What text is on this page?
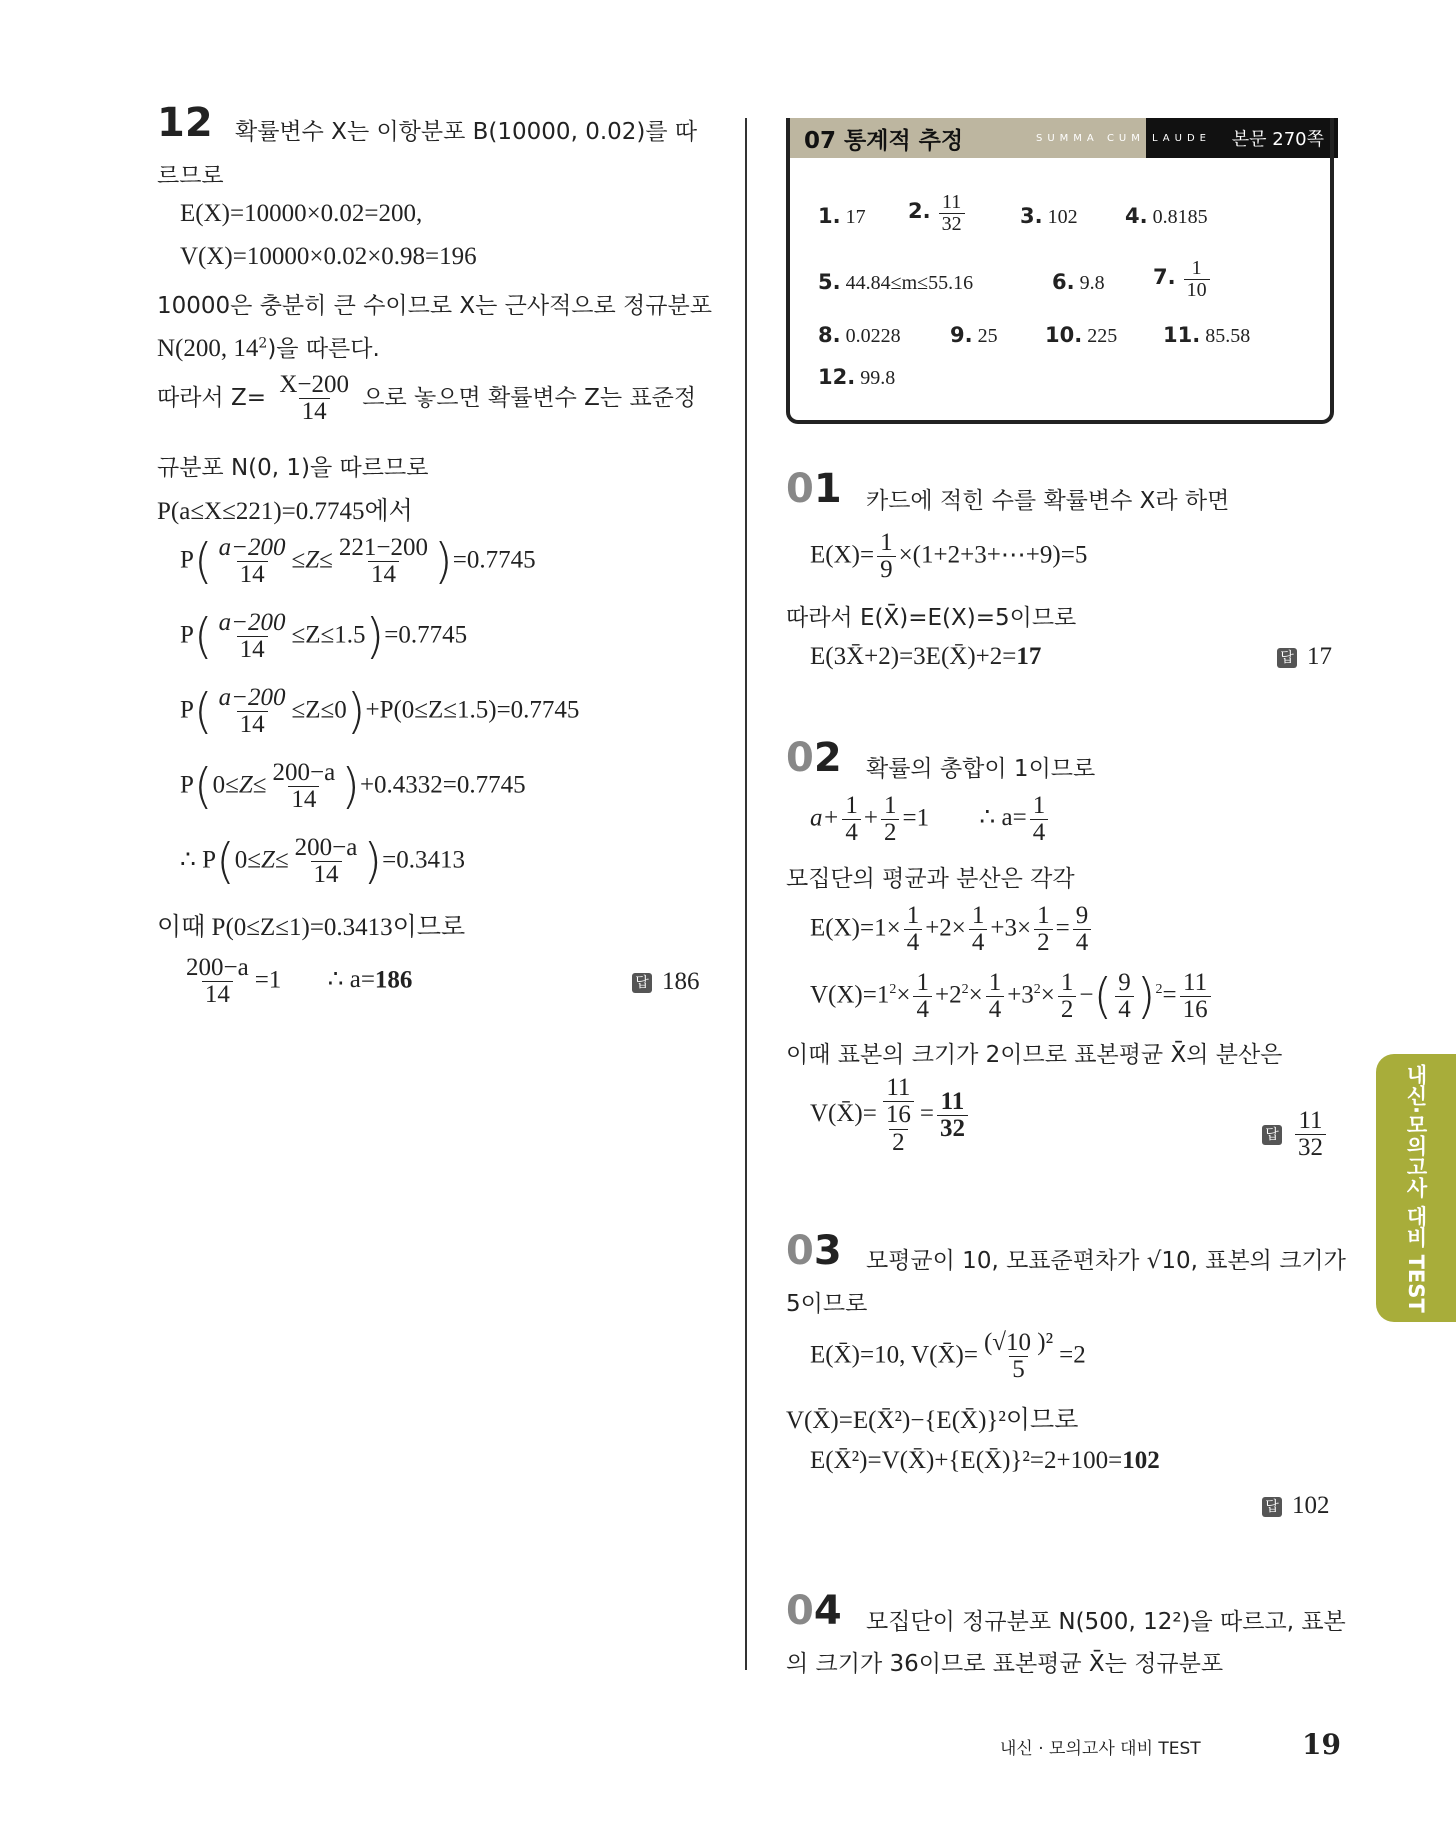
12 확률변수 X는 이항분포 B(10000, 0.02)를 따
르므로
E(X)=10000×0.02=200,
V(X)=10000×0.02×0.98=196
10000은 충분히 큰 수이므로 X는 근사적으로 정규분포
N(200, $14^2$)을 따른다.
따라서 $Z= \frac{X-200}{14}$ 으로 놓으면 확률변수 Z는 표준정
규분포 N(0, 1)을 따르므로
P(a≤X≤221)=0.7745에서
$P( \frac{a-200}{14} \le Z\le \frac{221-200}{14} )=0.7745$
$P( \frac{a-200}{14} \le Z\le 1.5)=0.7745$
$P( \frac{a-200}{14} \le Z\le 0)+P(0\le Z\le 1.5)=0.7745$
$P(0\le Z\le \frac{200-a}{14} )+0.4332=0.7745$
∴ $P(0\le Z\le \frac{200-a}{14} )=0.3413$
이때 P(0≤Z≤1)=0.3413이므로
$\frac{200-a}{14} =1$ ∴ a=186	답 186
07 통계적 추정	SUMMA CUM LAUDE 본문 270쪽
1. 17 2. $\frac{11}{32}$	3. 102 4. 0.8185
5. 44.84≤m≤55.16	6. 9.8 7. $\frac{1}{10}$
8. 0.0228 9. 25 10. 225 11. 85.58
12. 99.8
01 카드에 적힌 수를 확률변수 X라 하면
$E(X)= \frac{1}{9}$ ×(1+2+3+⋯+9)=5
따라서 E(X̄)=E(X)=5이므로
E(3X̄+2)=3E(X̄)+2=17	답 17
02 확률의 총합이 1이므로
$a+ \frac{1}{4} + \frac{1}{2} =1$ ∴ $a= \frac{1}{4}$
모집단의 평균과 분산은 각각
$E(X)=1\times \frac{1}{4} +2\times \frac{1}{4} +3\times \frac{1}{2} = \frac{9}{4}$
$V(X)=1^2\times \frac{1}{4} +2^2\times \frac{1}{4} +3^2\times \frac{1}{2}$ −( $\frac{9}{4} )^2= \frac{11}{16}$
이때 표본의 크기가 2이므로 표본평균 X̄의 분산은
V(X̄)= $\frac{\frac{11}{16}}{2} = \frac{11}{32}$	답 $\frac{11}{32}$
03 모평균이 10, 모표준편차가 √10, 표본의 크기가
5이므로
E(X̄)=10, V(X̄)= $\frac{\text{(√10 )²}}{5} =2$
V(X̄)=E(X̄²)−{E(X̄)}²이므로
E(X̄²)=V(X̄)+{E(X̄)}²=2+100=102
답 102
04 모집단이 정규분포 N(500, 12²)을 따르고, 표본
의 크기가 36이므로 표본평균 X̄는 정규분포
내신·모의고사 대비 TEST
내신 · 모의고사 대비 TEST	19
